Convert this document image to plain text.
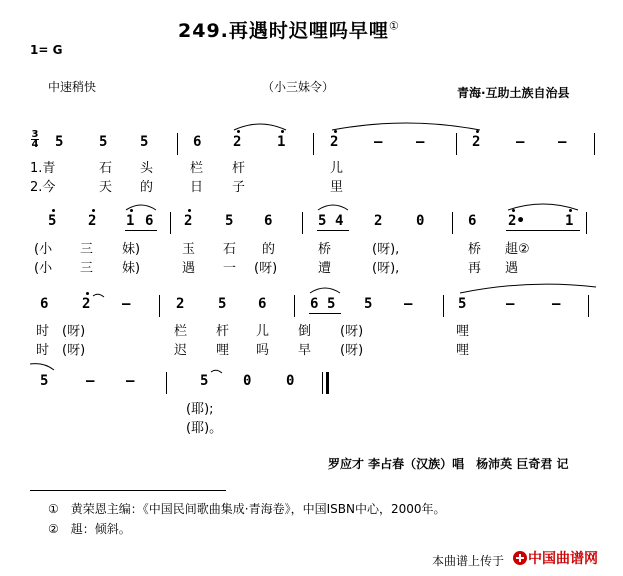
249.再遇时迟哩吗早哩①
1= G
中速稍快	（小三妹令）	青海·互助土族自治县
3
4 5	5 5	6 2	1	2	— —	2	— —
1.青	石 头	栏 杆	儿
2.今	天 的	日 子	里
5 2 1 6 2 5 6	5 4 2 0	6 2•	1
(小 三 妹)	玉 石 的	桥	(呀),	桥 趄②
(小 三 妹)	遇 一 (呀)	遭	(呀),	再 遇
6 2 —	2 5 6	6 5 5 —	5	—	—
时 (呀)	栏 杆 儿 倒 (呀)	哩
时 (呀)	迟 哩 吗 早 (呀)	哩
5	— —	5 0 0
(耶);
(耶)。
罗应才 李占春（汉族）唱　杨沛英 巨奇君 记
①　 黄荣恩主编：《中国民间歌曲集成·青海卷》，中国ISBN中心，2000年。
②　 趄：倾斜。
本曲谱上传于 中国曲谱网
